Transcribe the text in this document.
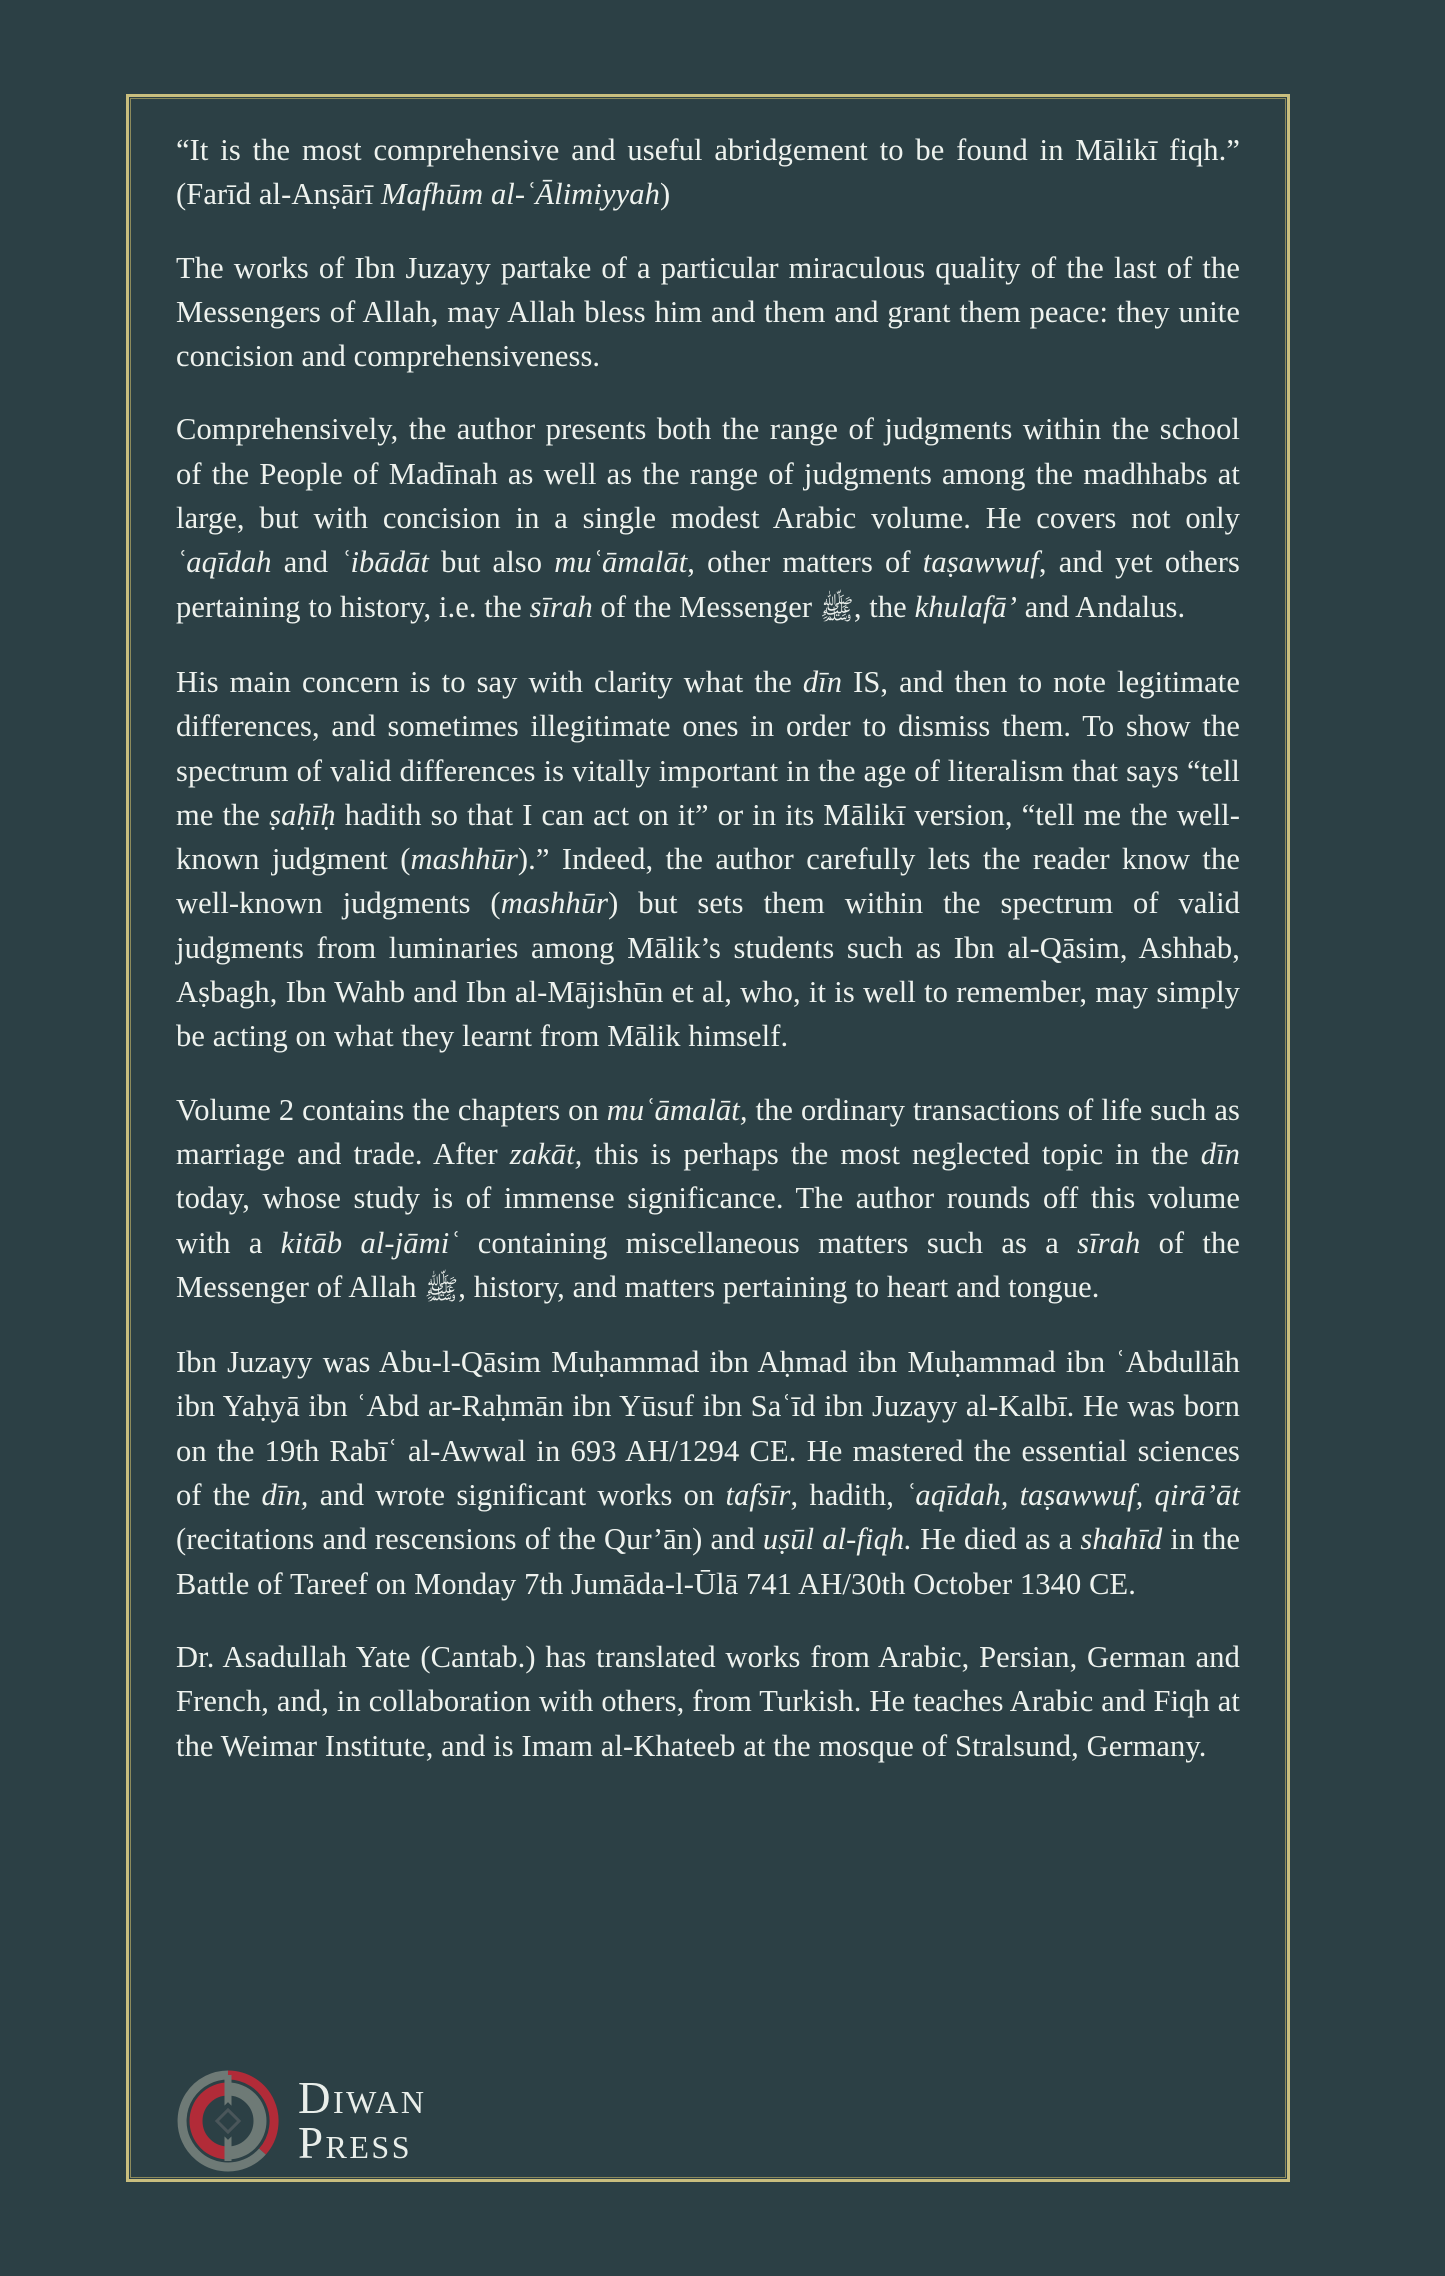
“It is the most comprehensive and useful abridgement to be found in Mālikī fiqh.” (Farīd al-Anṣārī Mafhūm al-ʿĀlimiyyah)

The works of Ibn Juzayy partake of a particular miraculous quality of the last of the Messengers of Allah, may Allah bless him and them and grant them peace: they unite concision and comprehensiveness.

Comprehensively, the author presents both the range of judgments within the school of the People of Madīnah as well as the range of judgments among the madhhabs at large, but with concision in a single modest Arabic volume. He covers not only ʿaqīdah and ʿibādāt but also muʿāmalāt, other matters of taṣawwuf, and yet others pertaining to history, i.e. the sīrah of the Messenger ﷺ, the khulafā’ and Andalus.

His main concern is to say with clarity what the dīn IS, and then to note legitimate differences, and sometimes illegitimate ones in order to dismiss them. To show the spectrum of valid differences is vitally important in the age of literalism that says “tell me the ṣaḥīḥ hadith so that I can act on it” or in its Mālikī version, “tell me the well-known judgment (mashhūr).” Indeed, the author carefully lets the reader know the well-known judgments (mashhūr) but sets them within the spectrum of valid judgments from luminaries among Mālik’s students such as Ibn al-Qāsim, Ashhab, Aṣbagh, Ibn Wahb and Ibn al-Mājishūn et al, who, it is well to remember, may simply be acting on what they learnt from Mālik himself.

Volume 2 contains the chapters on muʿāmalāt, the ordinary transactions of life such as marriage and trade. After zakāt, this is perhaps the most neglected topic in the dīn today, whose study is of immense significance. The author rounds off this volume with a kitāb al-jāmiʿ containing miscellaneous matters such as a sīrah of the Messenger of Allah ﷺ, history, and matters pertaining to heart and tongue.

Ibn Juzayy was Abu-l-Qāsim Muḥammad ibn Aḥmad ibn Muḥammad ibn ʿAbdullāh ibn Yaḥyā ibn ʿAbd ar-Raḥmān ibn Yūsuf ibn Saʿīd ibn Juzayy al-Kalbī. He was born on the 19th Rabīʿ al-Awwal in 693 AH/1294 CE. He mastered the essential sciences of the dīn, and wrote significant works on tafsīr, hadith, ʿaqīdah, taṣawwuf, qirā’āt (recitations and rescensions of the Qur’ān) and uṣūl al-fiqh. He died as a shahīd in the Battle of Tareef on Monday 7th Jumāda-l-Ūlā 741 AH/30th October 1340 CE.

Dr. Asadullah Yate (Cantab.) has translated works from Arabic, Persian, German and French, and, in collaboration with others, from Turkish. He teaches Arabic and Fiqh at the Weimar Institute, and is Imam al-Khateeb at the mosque of Stralsund, Germany.

Diwan
Press
